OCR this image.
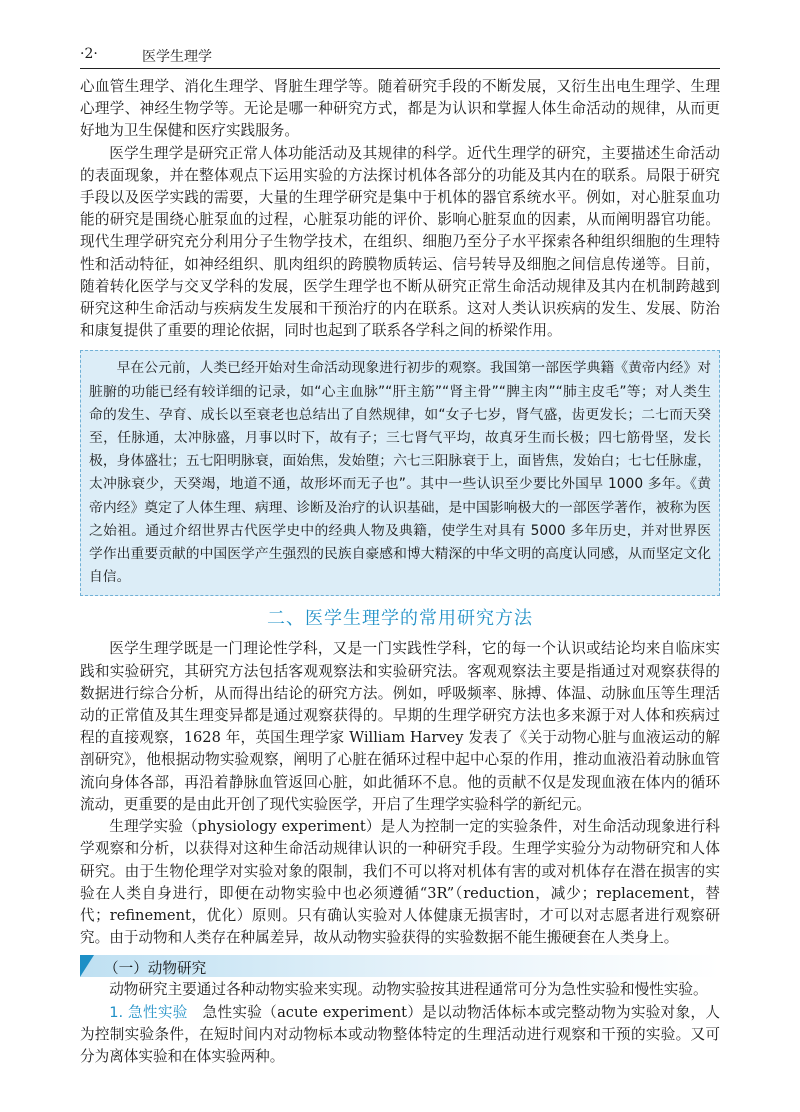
·2·	医学生理学

心血管生理学、消化生理学、肾脏生理学等。随着研究手段的不断发展，又衍生出电生理学、生理心理学、神经生物学等。无论是哪一种研究方式，都是为认识和掌握人体生命活动的规律，从而更好地为卫生保健和医疗实践服务。

医学生理学是研究正常人体功能活动及其规律的科学。近代生理学的研究，主要描述生命活动的表面现象，并在整体观点下运用实验的方法探讨机体各部分的功能及其内在的联系。局限于研究手段以及医学实践的需要，大量的生理学研究是集中于机体的器官系统水平。例如，对心脏泵血功能的研究是围绕心脏泵血的过程，心脏泵功能的评价、影响心脏泵血的因素，从而阐明器官功能。现代生理学研究充分利用分子生物学技术，在组织、细胞乃至分子水平探索各种组织细胞的生理特性和活动特征，如神经组织、肌肉组织的跨膜物质转运、信号转导及细胞之间信息传递等。目前，随着转化医学与交叉学科的发展，医学生理学也不断从研究正常生命活动规律及其内在机制跨越到研究这种生命活动与疾病发生发展和干预治疗的内在联系。这对人类认识疾病的发生、发展、防治和康复提供了重要的理论依据，同时也起到了联系各学科之间的桥梁作用。

早在公元前，人类已经开始对生命活动现象进行初步的观察。我国第一部医学典籍《黄帝内经》对脏腑的功能已经有较详细的记录，如“心主血脉”“肝主筋”“肾主骨”“脾主肉”“肺主皮毛”等；对人类生命的发生、孕育、成长以至衰老也总结出了自然规律，如“女子七岁，肾气盛，齿更发长；二七而天癸至，任脉通，太冲脉盛，月事以时下，故有子；三七肾气平均，故真牙生而长极；四七筋骨坚，发长极，身体盛壮；五七阳明脉衰，面始焦，发始堕；六七三阳脉衰于上，面皆焦，发始白；七七任脉虚，太冲脉衰少，天癸竭，地道不通，故形坏而无子也”。其中一些认识至少要比外国早 1000 多年。《黄帝内经》奠定了人体生理、病理、诊断及治疗的认识基础，是中国影响极大的一部医学著作，被称为医之始祖。通过介绍世界古代医学史中的经典人物及典籍，使学生对具有 5000 多年历史，并对世界医学作出重要贡献的中国医学产生强烈的民族自豪感和博大精深的中华文明的高度认同感，从而坚定文化自信。

二、医学生理学的常用研究方法

医学生理学既是一门理论性学科，又是一门实践性学科，它的每一个认识或结论均来自临床实践和实验研究，其研究方法包括客观观察法和实验研究法。客观观察法主要是指通过对观察获得的数据进行综合分析，从而得出结论的研究方法。例如，呼吸频率、脉搏、体温、动脉血压等生理活动的正常值及其生理变异都是通过观察获得的。早期的生理学研究方法也多来源于对人体和疾病过程的直接观察，1628 年，英国生理学家 William Harvey 发表了《关于动物心脏与血液运动的解剖研究》，他根据动物实验观察，阐明了心脏在循环过程中起中心泵的作用，推动血液沿着动脉血管流向身体各部，再沿着静脉血管返回心脏，如此循环不息。他的贡献不仅是发现血液在体内的循环流动，更重要的是由此开创了现代实验医学，开启了生理学实验科学的新纪元。

生理学实验（physiology experiment）是人为控制一定的实验条件，对生命活动现象进行科学观察和分析，以获得对这种生命活动规律认识的一种研究手段。生理学实验分为动物研究和人体研究。由于生物伦理学对实验对象的限制，我们不可以将对机体有害的或对机体存在潜在损害的实验在人类自身进行，即便在动物实验中也必须遵循“3R”（reduction，减少；replacement，替代；refinement，优化）原则。只有确认实验对人体健康无损害时，才可以对志愿者进行观察研究。由于动物和人类存在种属差异，故从动物实验获得的实验数据不能生搬硬套在人类身上。

（一）动物研究

动物研究主要通过各种动物实验来实现。动物实验按其进程通常可分为急性实验和慢性实验。

1. 急性实验　 急性实验（acute experiment）是以动物活体标本或完整动物为实验对象，人为控制实验条件，在短时间内对动物标本或动物整体特定的生理活动进行观察和干预的实验。又可分为离体实验和在体实验两种。
